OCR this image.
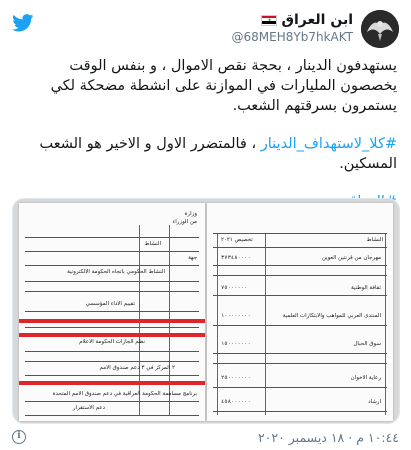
ابن العراق
★
@68MEH8Yb7hkAKT
يستهدفون الدينار ، بحجة نقص الاموال ، و بنفس الوقت يخصصون المليارات في الموازنة على انشطة مضحكة لكي يستمرون بسرقتهم الشعب.
#كلا_لاستهداف_الدينار ، فالمتضرر الاول و الاخير هو الشعب المسكين.
وزارة
من الوزراء
النشاط
جهة
النشاط الحكومي باتجاه الحكومة الالكترونية
تقييم الاداء المؤسسي
نظم الجازات الحكومة الاعلام
٢ المركز في ٣ دعم صندوق الامم
برنامج مساهمة الحكومة العراقية في دعم صندوق الامم المتحدة
دعم الاستقرار
النشاط
تخصيص ٢٠٢١
مهرجان من قرنتين العوين
٣٧٣٤٨٠٠٠٠
ثقافة الوطنية
٧٥٠٠٠٠٠٠
المنتدى العربي للمواهب والابتكارات العلمية
١٠٠٠٠٠٠٠٠
سوق الحبال
١٥٠٠٠٠٠٠٠
رعاية الاخوان
٢٥٠٠٠٠٠٠٠
ارشاد
٤٥٨٠٠٠٠٠٠
١٠:٤٤ م · ١٨ ديسمبر ٢٠٢٠
i
